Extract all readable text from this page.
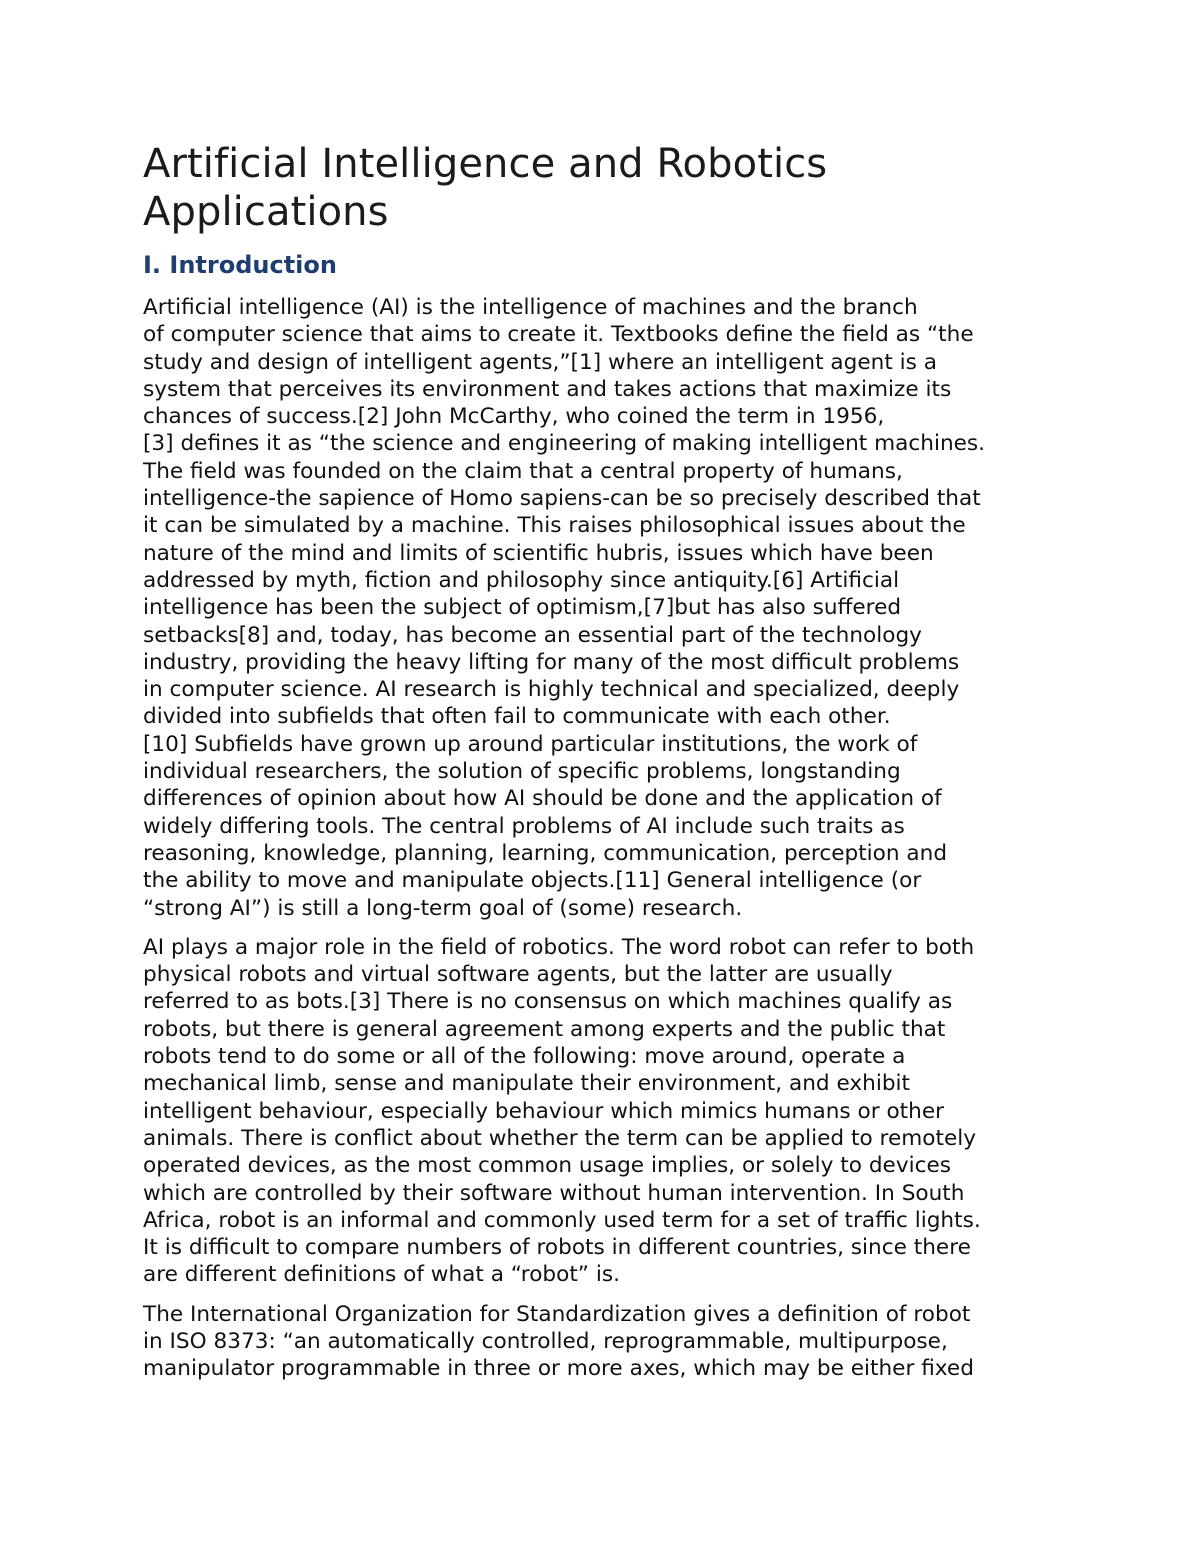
Artificial Intelligence and Robotics
Applications
I. Introduction

Artificial intelligence (AI) is the intelligence of machines and the branch
of computer science that aims to create it. Textbooks define the field as “the
study and design of intelligent agents,”[1] where an intelligent agent is a
system that perceives its environment and takes actions that maximize its
chances of success.[2] John McCarthy, who coined the term in 1956,
[3] defines it as “the science and engineering of making intelligent machines.
The field was founded on the claim that a central property of humans,
intelligence-the sapience of Homo sapiens-can be so precisely described that
it can be simulated by a machine. This raises philosophical issues about the
nature of the mind and limits of scientific hubris, issues which have been
addressed by myth, fiction and philosophy since antiquity.[6] Artificial
intelligence has been the subject of optimism,[7]but has also suffered
setbacks[8] and, today, has become an essential part of the technology
industry, providing the heavy lifting for many of the most difficult problems
in computer science. AI research is highly technical and specialized, deeply
divided into subfields that often fail to communicate with each other.
[10] Subfields have grown up around particular institutions, the work of
individual researchers, the solution of specific problems, longstanding
differences of opinion about how AI should be done and the application of
widely differing tools. The central problems of AI include such traits as
reasoning, knowledge, planning, learning, communication, perception and
the ability to move and manipulate objects.[11] General intelligence (or
“strong AI”) is still a long-term goal of (some) research.

AI plays a major role in the field of robotics. The word robot can refer to both
physical robots and virtual software agents, but the latter are usually
referred to as bots.[3] There is no consensus on which machines qualify as
robots, but there is general agreement among experts and the public that
robots tend to do some or all of the following: move around, operate a
mechanical limb, sense and manipulate their environment, and exhibit
intelligent behaviour, especially behaviour which mimics humans or other
animals. There is conflict about whether the term can be applied to remotely
operated devices, as the most common usage implies, or solely to devices
which are controlled by their software without human intervention. In South
Africa, robot is an informal and commonly used term for a set of traffic lights.
It is difficult to compare numbers of robots in different countries, since there
are different definitions of what a “robot” is.

The International Organization for Standardization gives a definition of robot
in ISO 8373: “an automatically controlled, reprogrammable, multipurpose,
manipulator programmable in three or more axes, which may be either fixed
